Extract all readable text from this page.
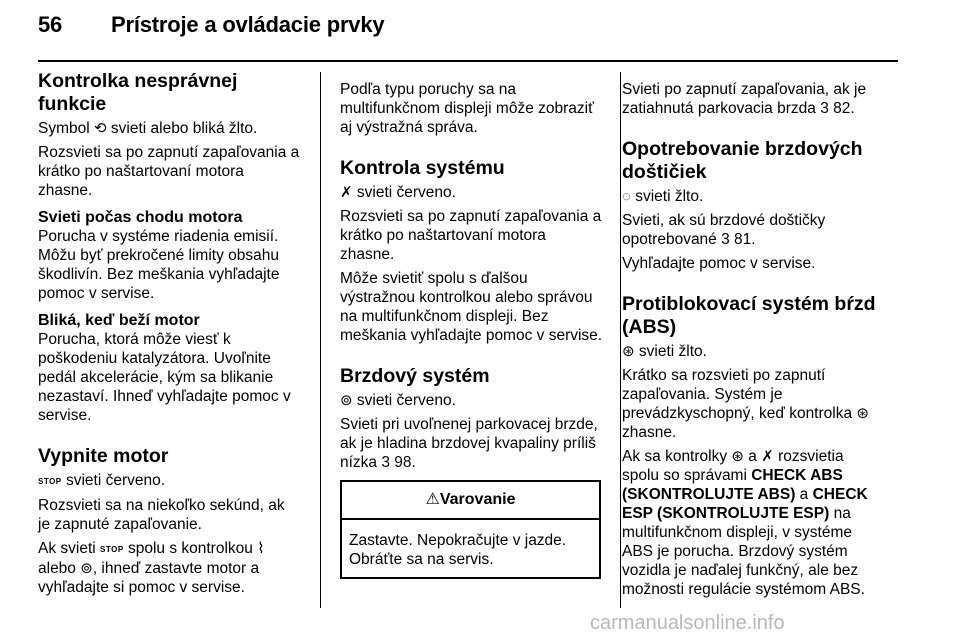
56 Prístroje a ovládacie prvky
Kontrolka nesprávnej funkcie

Symbol ⟲ svieti alebo bliká žlto.

Rozsvieti sa po zapnutí zapaľovania a krátko po naštartovaní motora zhasne.

Svieti počas chodu motora

Porucha v systéme riadenia emisií. Môžu byť prekročené limity obsahu škodlivín. Bez meškania vyhľadajte pomoc v servise.

Bliká, keď beží motor

Porucha, ktorá môže viesť k poškodeniu katalyzátora. Uvoľnite pedál akcelerácie, kým sa blikanie nezastaví. Ihneď vyhľadajte pomoc v servise.

Vypnite motor

STOP svieti červeno.

Rozsvieti sa na niekoľko sekúnd, ak je zapnuté zapaľovanie.

Ak svieti STOP spolu s kontrolkou ⌇
alebo ⊚, ihneď zastavte motor a vyhľadajte si pomoc v servise.

Podľa typu poruchy sa na multifunkčnom displeji môže zobraziť aj výstražná správa.

Kontrola systému

✗ svieti červeno.

Rozsvieti sa po zapnutí zapaľovania a krátko po naštartovaní motora zhasne.

Môže svietiť spolu s ďalšou výstražnou kontrolkou alebo správou na multifunkčnom displeji. Bez meškania vyhľadajte pomoc v servise.

Brzdový systém

⊚ svieti červeno.

Svieti pri uvoľnenej parkovacej brzde, ak je hladina brzdovej kvapaliny príliš nízka 3 98.

⚠Varovanie
Zastavte. Nepokračujte v jazde. Obráťte sa na servis.

Svieti po zapnutí zapaľovania, ak je zatiahnutá parkovacia brzda 3 82.

Opotrebovanie brzdových doštičiek

◌ svieti žlto.

Svieti, ak sú brzdové doštičky opotrebované 3 81.

Vyhľadajte pomoc v servise.

Protiblokovací systém bŕzd (ABS)

⊛ svieti žlto.

Krátko sa rozsvieti po zapnutí zapaľovania. Systém je prevádzkyschopný, keď kontrolka ⊛ zhasne.

Ak sa kontrolky ⊛ a ✗ rozsvietia spolu so správami CHECK ABS (SKONTROLUJTE ABS) a CHECK ESP (SKONTROLUJTE ESP) na multifunkčnom displeji, v systéme ABS je porucha. Brzdový systém vozidla je naďalej funkčný, ale bez možnosti regulácie systémom ABS.

carmanualsonline.info
